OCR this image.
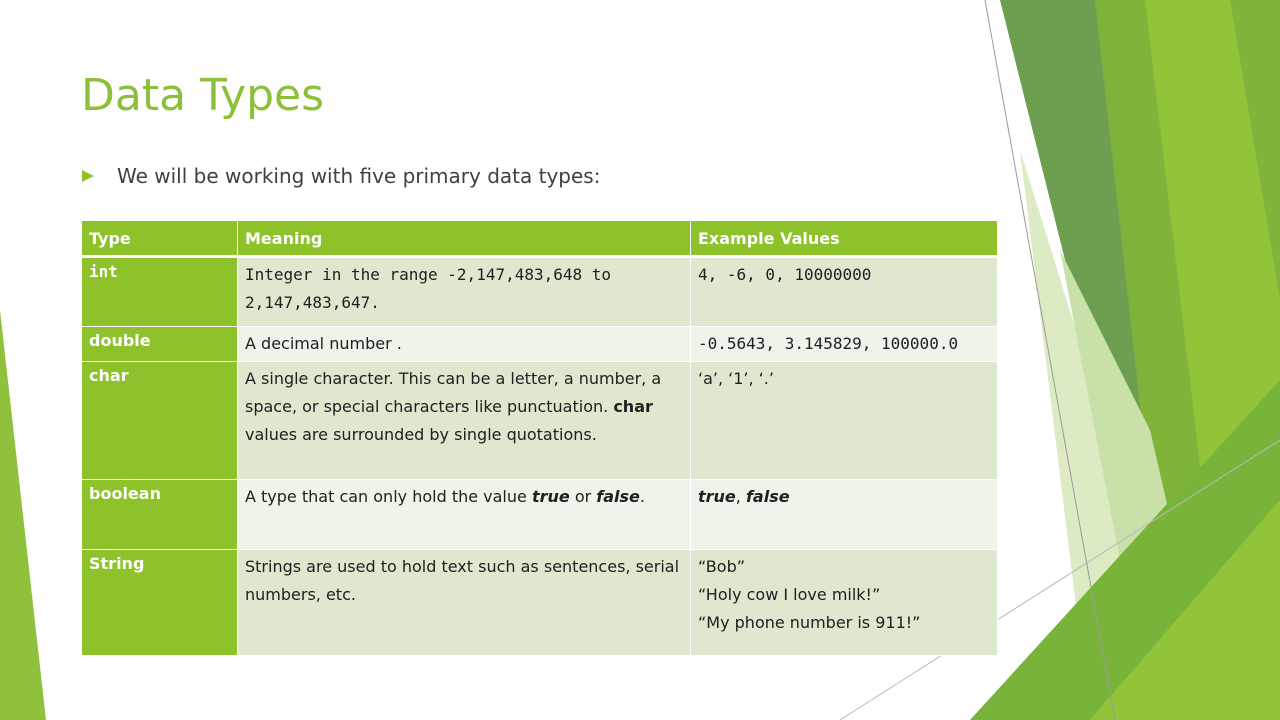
Data Types
We will be working with five primary data types:
Type	Meaning	Example Values
int	Integer in the range -2,147,483,648 to 2,147,483,647.	4, -6, 0, 10000000
double	A decimal number .	-0.5643, 3.145829, 100000.0
char	A single character. This can be a letter, a number, a space, or special characters like punctuation. char values are surrounded by single quotations.	‘a’, ‘1’, ‘.’
boolean	A type that can only hold the value true or false.	true, false
String	Strings are used to hold text such as sentences, serial numbers, etc.	“Bob”
“Holy cow I love milk!”
“My phone number is 911!”
